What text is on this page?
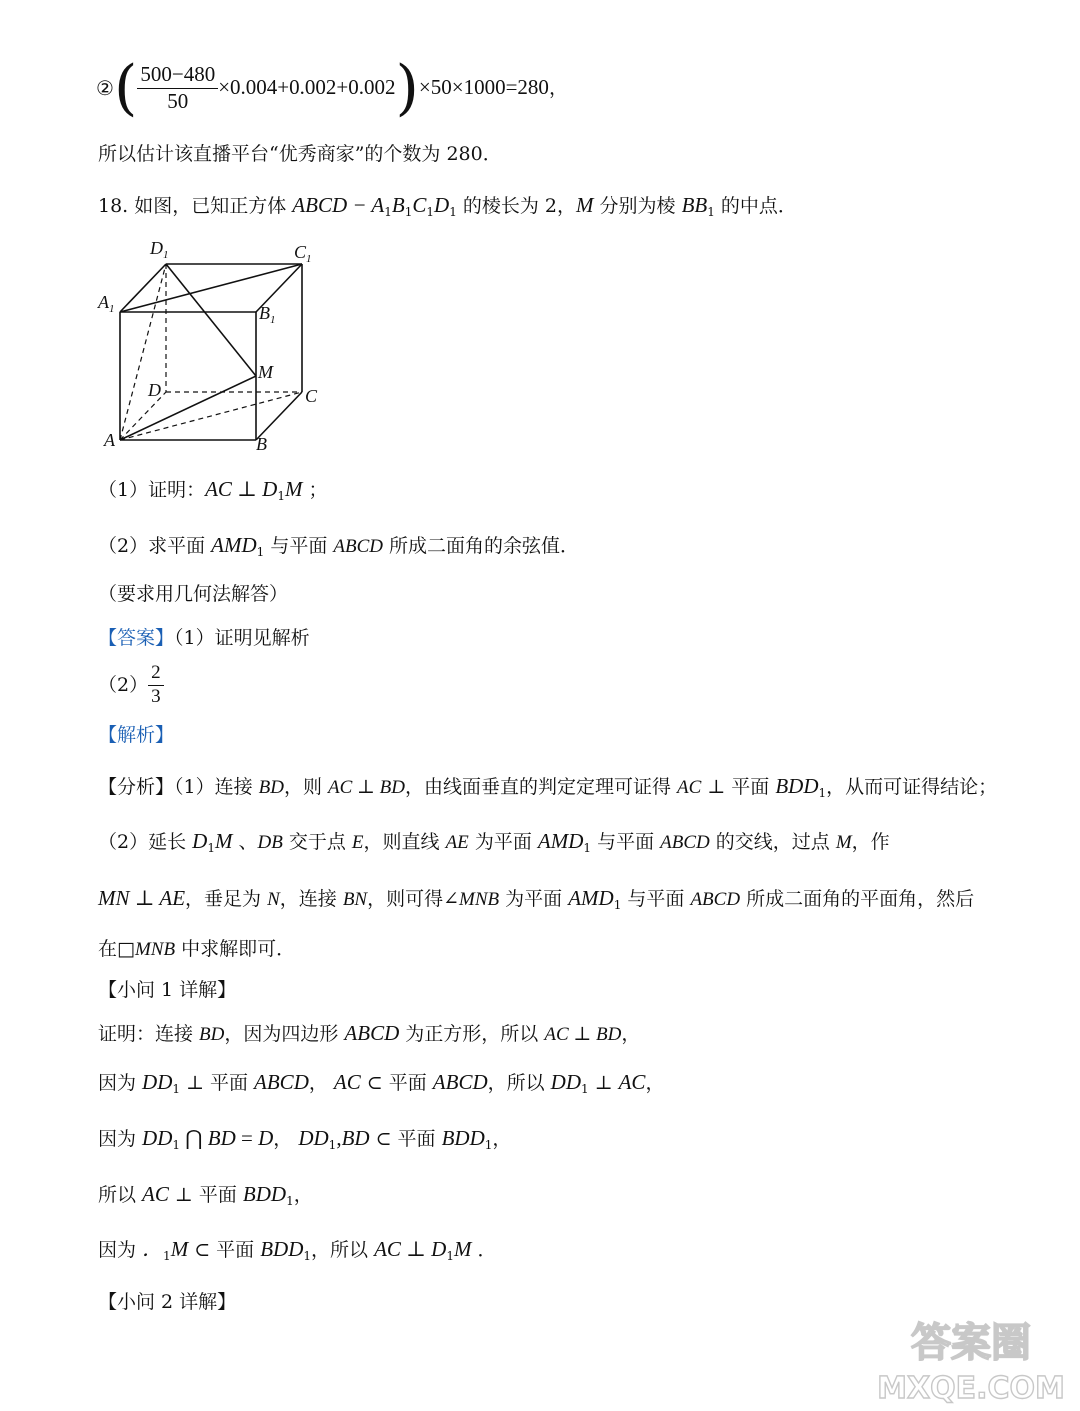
② ( $\frac{500-480}{50} \times 0.004+0.002+0.002$ ) ×50×1000=280 ，
所以估计该直播平台“优秀商家”的个数为 280．
18. 如图，已知正方体 ABCD − $A_1B_1C_1D_1$ 的棱长为 2，M 分别为棱 $BB_1$ 的中点．
$D_1$	$C_1$
$A_1$	$B_1$
M
D	C
A	B
（1）证明：AC ⊥ $D_1M$ ；
（2）求平面 $AMD_1$ 与平面 ABCD 所成二面角的余弦值．
（要求用几何法解答）
【答案】（1）证明见解析
$(2) \frac{2}{3}$
【解析】
【分析】（1）连接 BD，则 AC ⊥ BD，由线面垂直的判定定理可证得 AC ⊥ 平面 $BDD_1$，从而可证得结论；
（2）延长 $D_1M$ 、DB 交于点 E，则直线 AE 为平面 $AMD_1$ 与平面 ABCD 的交线，过点 M，作
MN ⊥ AE，垂足为 N，连接 BN，则可得∠MNB 为平面 $AMD_1$ 与平面 ABCD 所成二面角的平面角，然后
在□MNB 中求解即可．
【小问 1 详解】
证明：连接 BD，因为四边形 ABCD 为正方形，所以 AC ⊥ BD，
因为 $DD_1$ ⊥ 平面 ABCD， AC ⊂ 平面 ABCD，所以 $DD_1$ ⊥ AC，
因为 $DD_1$ ⋂ BD = D， $DD_1,BD$ ⊂ 平面 $BDD_1$，
所以 AC ⊥ 平面 $BDD_1$，
因为 ．$_1$M ⊂ 平面 $BDD_1$，所以 AC ⊥ $D_1M$ ．
【小问 2 详解】
答案圈
MXQE.COM
